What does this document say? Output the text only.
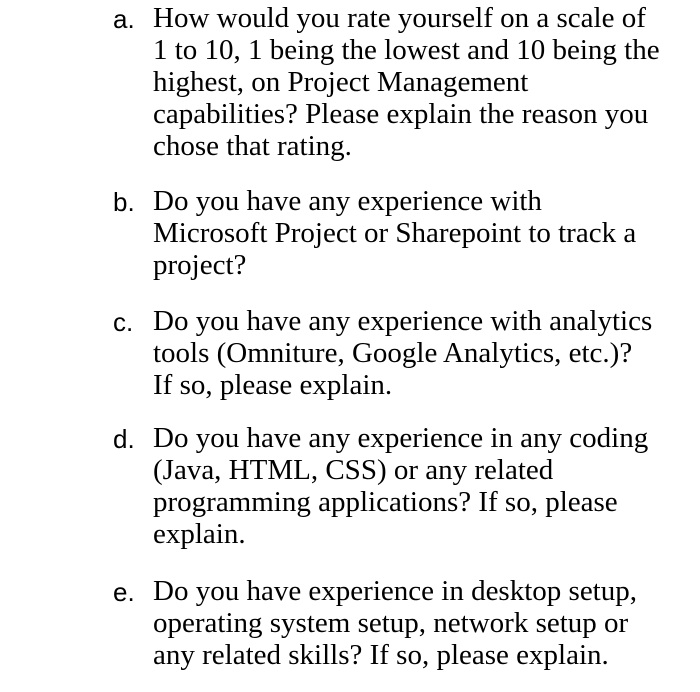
a. How would you rate yourself on a scale of
1 to 10, 1 being the lowest and 10 being the
highest, on Project Management
capabilities? Please explain the reason you
chose that rating.

b. Do you have any experience with
Microsoft Project or Sharepoint to track a
project?

c. Do you have any experience with analytics
tools (Omniture, Google Analytics, etc.)?
If so, please explain.

d. Do you have any experience in any coding
(Java, HTML, CSS) or any related
programming applications? If so, please
explain.

e. Do you have experience in desktop setup,
operating system setup, network setup or
any related skills? If so, please explain.
